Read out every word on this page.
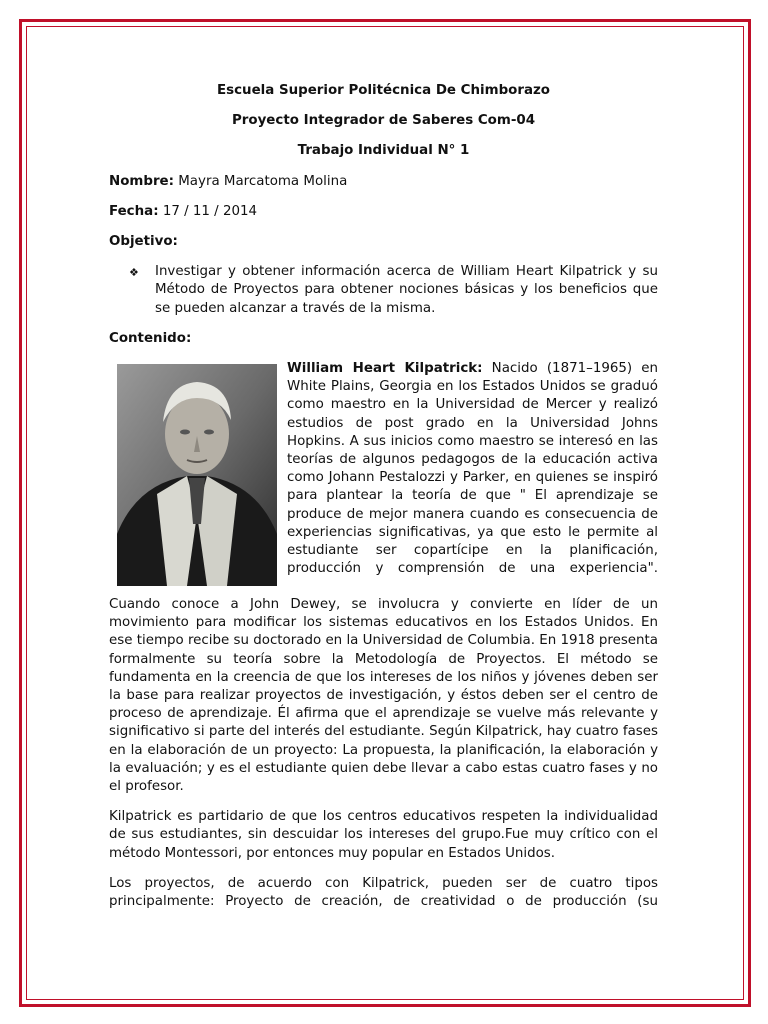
Escuela Superior Politécnica De Chimborazo
Proyecto Integrador de Saberes Com-04
Trabajo Individual N° 1
Nombre: Mayra Marcatoma Molina
Fecha: 17 / 11 / 2014
Objetivo:
❖	Investigar y obtener información acerca de William Heart Kilpatrick y su Método de Proyectos para obtener nociones básicas y los beneficios que se pueden alcanzar a través de la misma.
Contenido:
William Heart Kilpatrick: Nacido (1871–1965) en White Plains, Georgia en los Estados Unidos se graduó como maestro en la Universidad de Mercer y realizó estudios de post grado en la Universidad Johns Hopkins. A sus inicios como maestro se interesó en las teorías de algunos pedagogos de la educación activa como Johann Pestalozzi y Parker, en quienes se inspiró para plantear la teoría de que " El aprendizaje se produce de mejor manera cuando es consecuencia de experiencias significativas, ya que esto le permite al estudiante ser copartícipe en la planificación, producción y comprensión de una experiencia".
Cuando conoce a John Dewey, se involucra y convierte en líder de un movimiento para modificar los sistemas educativos en los Estados Unidos. En ese tiempo recibe su doctorado en la Universidad de Columbia. En 1918 presenta formalmente su teoría sobre la Metodología de Proyectos. El método se fundamenta en la creencia de que los intereses de los niños y jóvenes deben ser la base para realizar proyectos de investigación, y éstos deben ser el centro de proceso de aprendizaje. Él afirma que el aprendizaje se vuelve más relevante y significativo si parte del interés del estudiante. Según Kilpatrick, hay cuatro fases en la elaboración de un proyecto: La propuesta, la planificación, la elaboración y la evaluación; y es el estudiante quien debe llevar a cabo estas cuatro fases y no el profesor.
Kilpatrick es partidario de que los centros educativos respeten la individualidad de sus estudiantes, sin descuidar los intereses del grupo.Fue muy crítico con el método Montessori, por entonces muy popular en Estados Unidos.
Los proyectos, de acuerdo con Kilpatrick, pueden ser de cuatro tipos principalmente: Proyecto de creación, de creatividad o de producción (su
